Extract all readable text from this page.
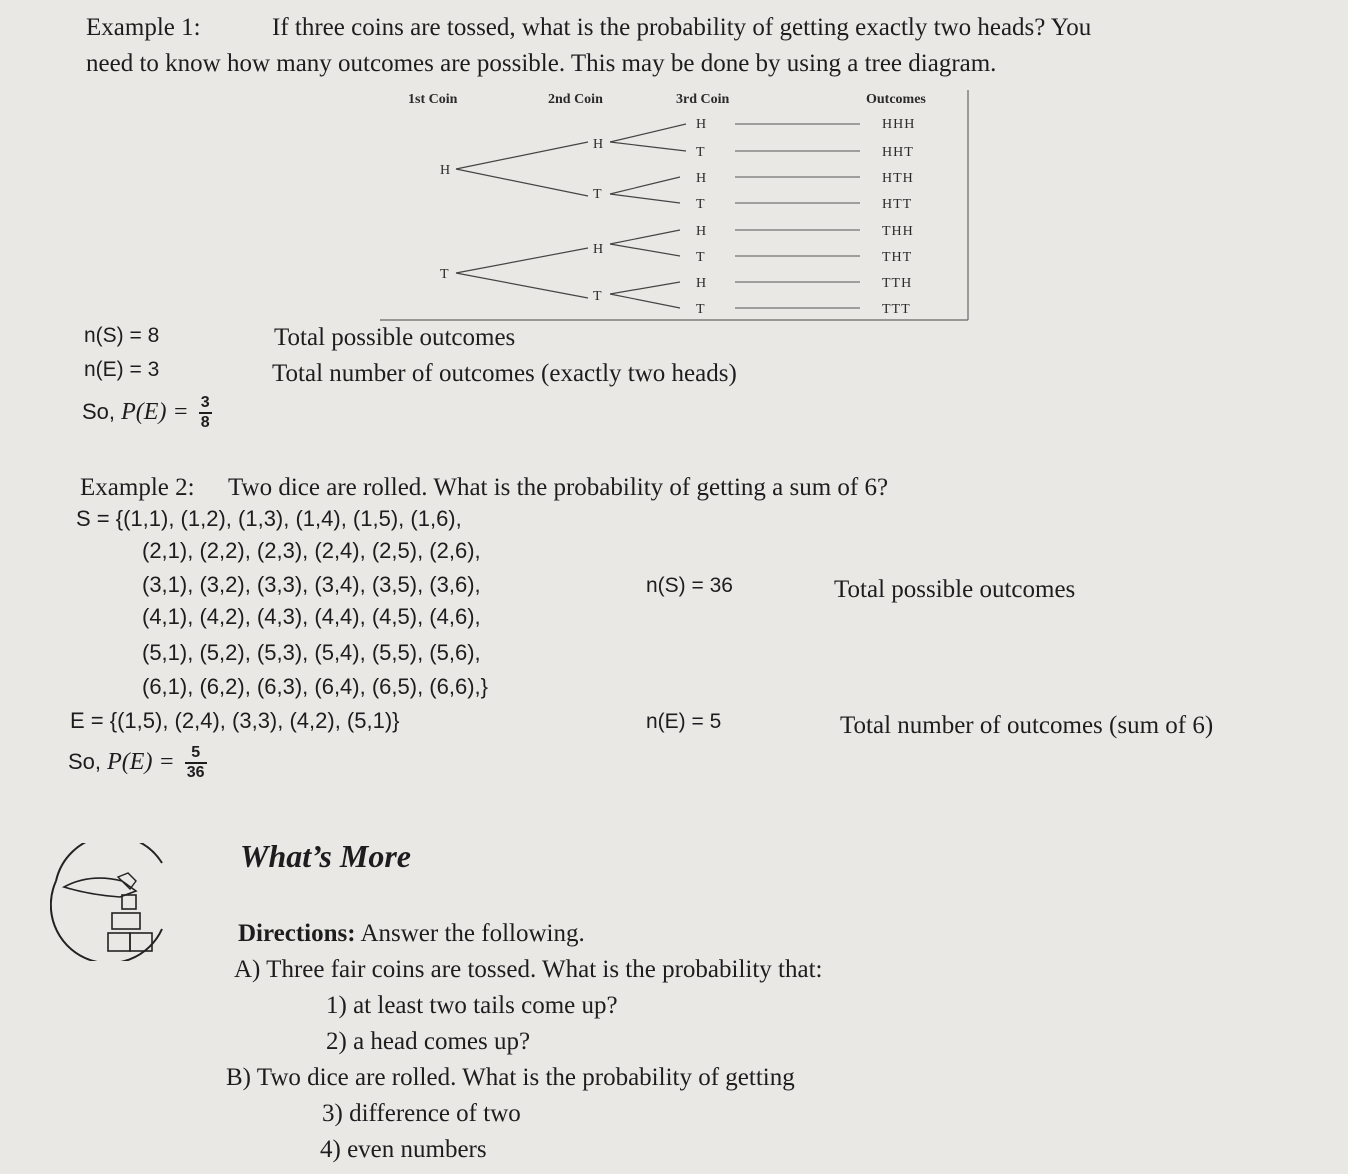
Example 1:	If three coins are tossed, what is the probability of getting exactly two heads? You
need to know how many outcomes are possible. This may be done by using a tree diagram.
1st Coin	2nd Coin	3rd Coin	Outcomes
H
T
H
T
H
T
H
T
H
T
H
T
H
T
HHH
HHT
HTH
HTT
THH
THT
TTH
TTT
n(S) = 8	Total possible outcomes
n(E) = 3	Total number of outcomes (exactly two heads)
So, $P(E) = \frac{3}{8}$
Example 2: Two dice are rolled. What is the probability of getting a sum of 6?
S = {(1,1), (1,2), (1,3), (1,4), (1,5), (1,6),
(2,1), (2,2), (2,3), (2,4), (2,5), (2,6),
(3,1), (3,2), (3,3), (3,4), (3,5), (3,6),
(4,1), (4,2), (4,3), (4,4), (4,5), (4,6),
(5,1), (5,2), (5,3), (5,4), (5,5), (5,6),
(6,1), (6,2), (6,3), (6,4), (6,5), (6,6),}
n(S) = 36	Total possible outcomes
E = {(1,5), (2,4), (3,3), (4,2), (5,1)}	n(E) = 5	Total number of outcomes (sum of 6)
So, $P(E) = \frac{5}{36}$
What’s More
Directions: Answer the following.
A) Three fair coins are tossed. What is the probability that:
1) at least two tails come up?
2) a head comes up?
B) Two dice are rolled. What is the probability of getting
3) difference of two
4) even numbers
